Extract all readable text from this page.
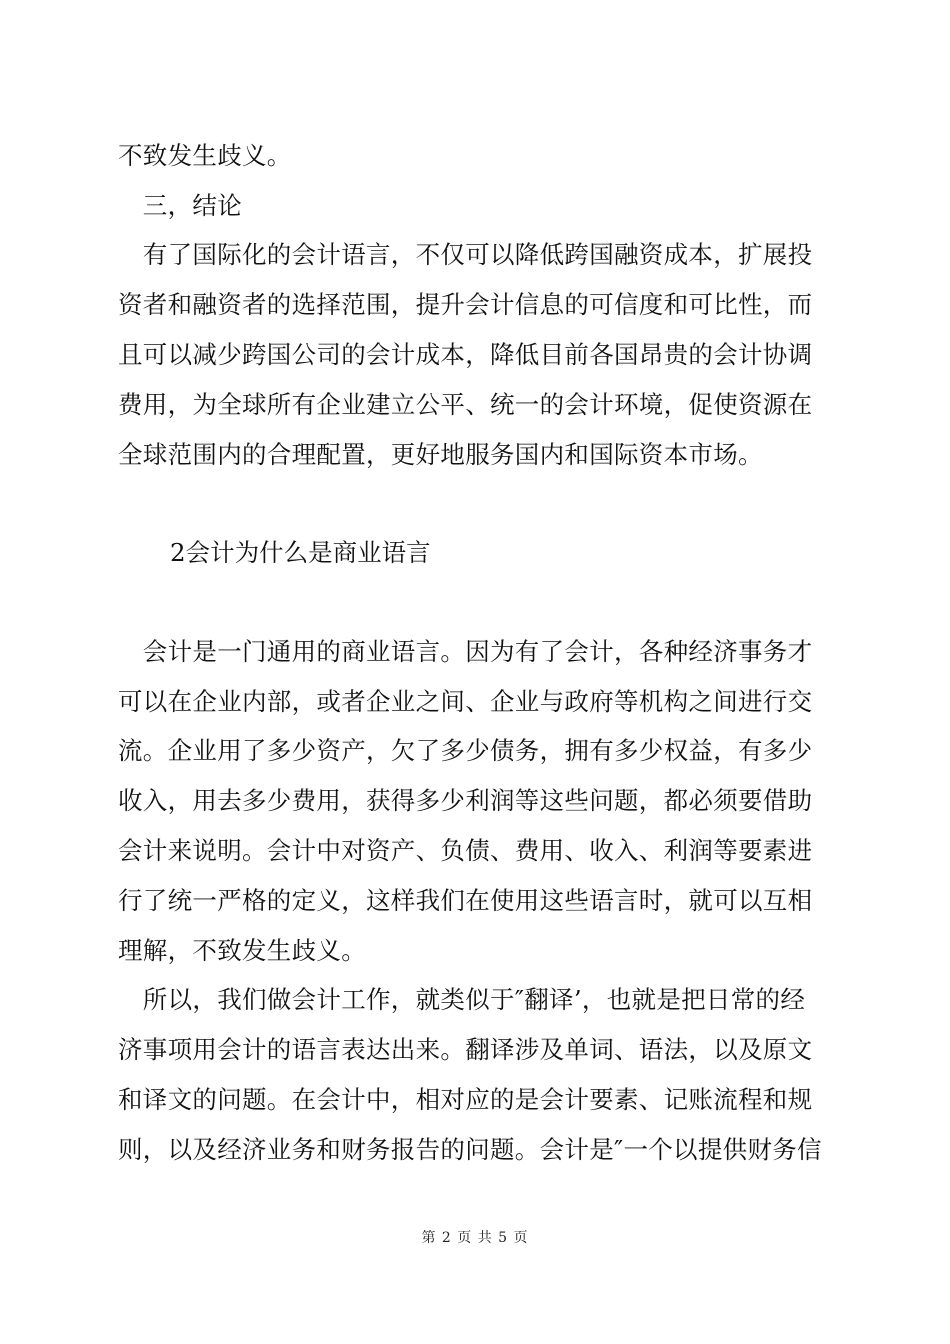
不致发生歧义。
　三，结论
　有了国际化的会计语言，不仅可以降低跨国融资成本，扩展投
资者和融资者的选择范围，提升会计信息的可信度和可比性，而
且可以减少跨国公司的会计成本，降低目前各国昂贵的会计协调
费用，为全球所有企业建立公平、统一的会计环境，促使资源在
全球范围内的合理配置，更好地服务国内和国际资本市场。
2会计为什么是商业语言
　会计是一门通用的商业语言。因为有了会计，各种经济事务才
可以在企业内部，或者企业之间、企业与政府等机构之间进行交
流。企业用了多少资产，欠了多少债务，拥有多少权益，有多少
收入，用去多少费用，获得多少利润等这些问题，都必须要借助
会计来说明。会计中对资产、负债、费用、收入、利润等要素进
行了统一严格的定义，这样我们在使用这些语言时，就可以互相
理解，不致发生歧义。
　所以，我们做会计工作，就类似于″翻译’，也就是把日常的经
济事项用会计的语言表达出来。翻译涉及单词、语法，以及原文
和译文的问题。在会计中，相对应的是会计要素、记账流程和规
则，以及经济业务和财务报告的问题。会计是″一个以提供财务信
第 2 页 共 5 页
